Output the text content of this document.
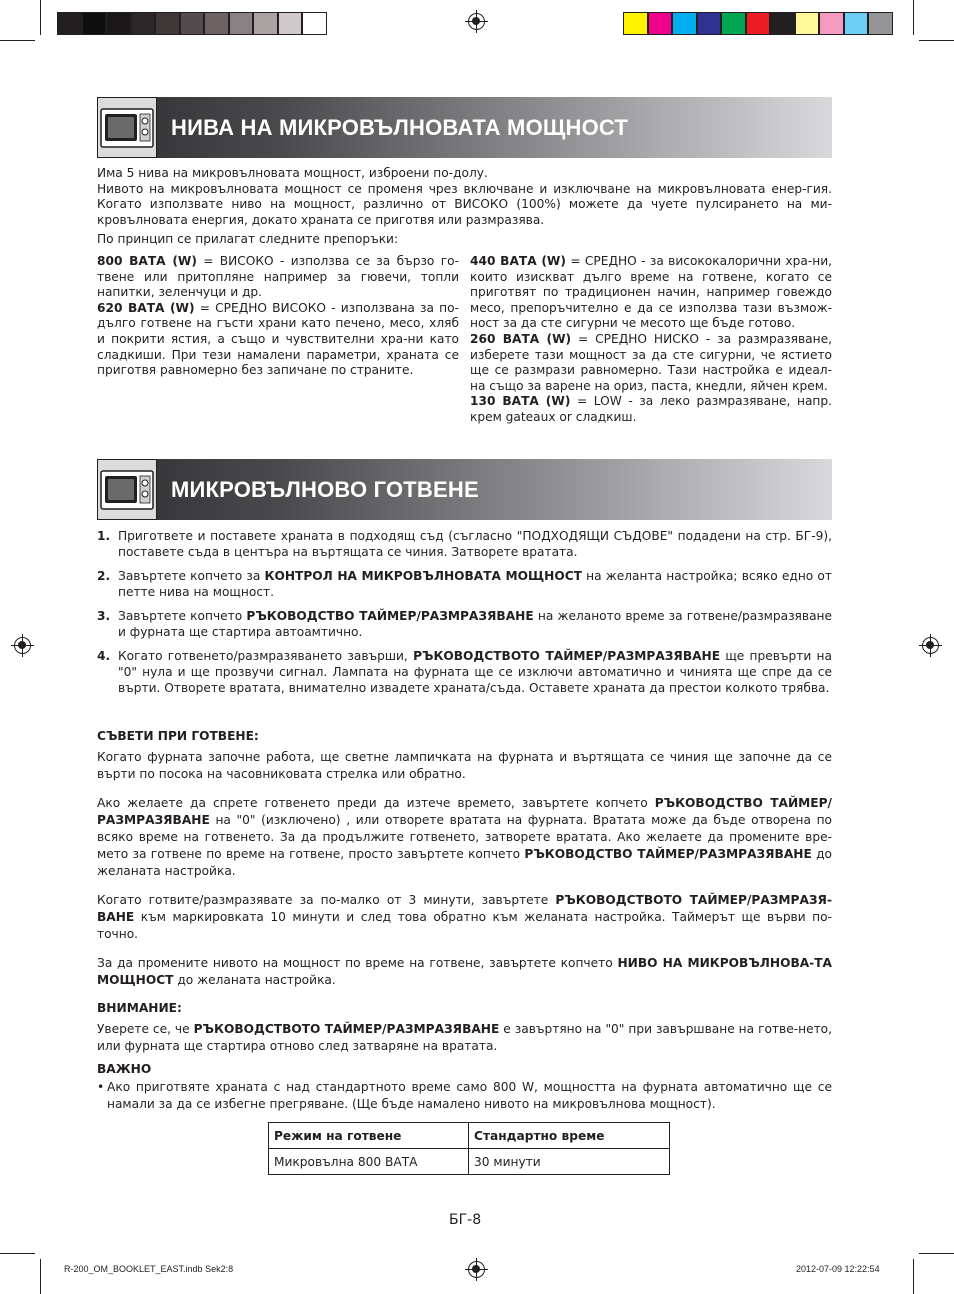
НИВА НА МИКРОВЪЛНОВАТА МОЩНОСТ
Има 5 нива на микровълновата мощност, изброени по-долу.
Нивото на микровълновата мощност се променя чрез включване и изключване на микровълновата енер-гия. Когато използвате ниво на мощност, различно от ВИСОКО (100%) можете да чуете пулсирането на ми-кровълновата енергия, докато храната се приготвя или размразява.
По принцип се прилагат следните препоръки:

800 ВАТА (W) = ВИСОКО - използва се за бързо го-твене или притопляне например за гювечи, топли напитки, зеленчуци и др.

620 ВАТА (W) = СРЕДНО ВИСОКО - използвана за по-дълго готвене на гъсти храни като печено, месо, хляб и покрити ястия, а също и чувствителни хра-ни като сладкиши. При тези намалени параметри, храната се приготвя равномерно без запичане по страните.

440 ВАТА (W) = СРЕДНО - за висококалорични хра-ни, които изискват дълго време на готвене, когато се приготвят по традиционен начин, например говеждо месо, препоръчително е да се използва тази възмож-ност за да сте сигурни че месото ще бъде готово.

260 ВАТА (W) = СРЕДНО НИСКО - за размразяване, изберете тази мощност за да сте сигурни, че ястието ще се размрази равномерно. Тази настройка е идеал-на също за варене на ориз, паста, кнедли, яйчен крем.

130 ВАТА (W) = LOW - за леко размразяване, напр. крем gateaux or сладкиш.

МИКРОВЪЛНОВО ГОТВЕНЕ
1. Пригответе и поставете храната в подходящ съд (съгласно "ПОДХОДЯЩИ СЪДОВЕ" подадени на стр. БГ-9), поставете съда в центъра на въртящата се чиния. Затворете вратата.
2. Завъртете копчето за КОНТРОЛ НА МИКРОВЪЛНОВАТА МОЩНОСТ на желанта настройка; всяко едно от петте нива на мощност.
3. Завъртете копчето РЪКОВОДСТВО ТАЙМЕР/РАЗМРАЗЯВАНЕ на желаното време за готвене/размразяване и фурната ще стартира автоамтично.
4. Когато готвенето/размразяването завърши, РЪКОВОДСТВОТО ТАЙМЕР/РАЗМРАЗЯВАНЕ ще превърти на "0" нула и ще прозвучи сигнал. Лампата на фурната ще се изключи автоматично и чинията ще спре да се върти. Отворете вратата, внимателно извадете храната/съда. Оставете храната да престои колкото трябва.
СЪВЕТИ ПРИ ГОТВЕНЕ:

Когато фурната започне работа, ще светне лампичката на фурната и въртящата се чиния ще започне да се върти по посока на часовниковата стрелка или обратно.

Ако желаете да спрете готвенето преди да изтече времето, завъртете копчето РЪКОВОДСТВО ТАЙМЕР/ РАЗМРАЗЯВАНЕ на "0" (изключено) , или отворете вратата на фурната. Вратата може да бъде отворена по всяко време на готвенето. За да продължите готвенето, затворете вратата. Ако желаете да промените вре-мето за готвене по време на готвене, просто завъртете копчето РЪКОВОДСТВО ТАЙМЕР/РАЗМРАЗЯВАНЕ до желаната настройка.

Когато готвите/размразявате за по-малко от 3 минути, завъртете РЪКОВОДСТВОТО ТАЙМЕР/РАЗМРАЗЯ-ВАНЕ към маркировката 10 минути и след това обратно към желаната настройка. Таймерът ще върви по-точно.

За да промените нивото на мощност по време на готвене, завъртете копчето НИВО НА МИКРОВЪЛНОВА-ТА МОЩНОСТ до желаната настройка.

ВНИМАНИЕ:

Уверете се, че РЪКОВОДСТВОТО ТАЙМЕР/РАЗМРАЗЯВАНЕ е завъртяно на "0" при завършване на готве-нето, или фурната ще стартира отново след затваряне на вратата.

ВАЖНО
• Ако приготвяте храната с над стандартното време само 800 W, мощността на фурната автоматично ще се намали за да се избегне прегряване. (Ще бъде намалено нивото на микровълнова мощност).
Режим на готвене	Стандартно време
Микровълна 800 ВАТА	30 минути
БГ-8
R-200_OM_BOOKLET_EAST.indb Sek2:8	2012-07-09 12:22:54
